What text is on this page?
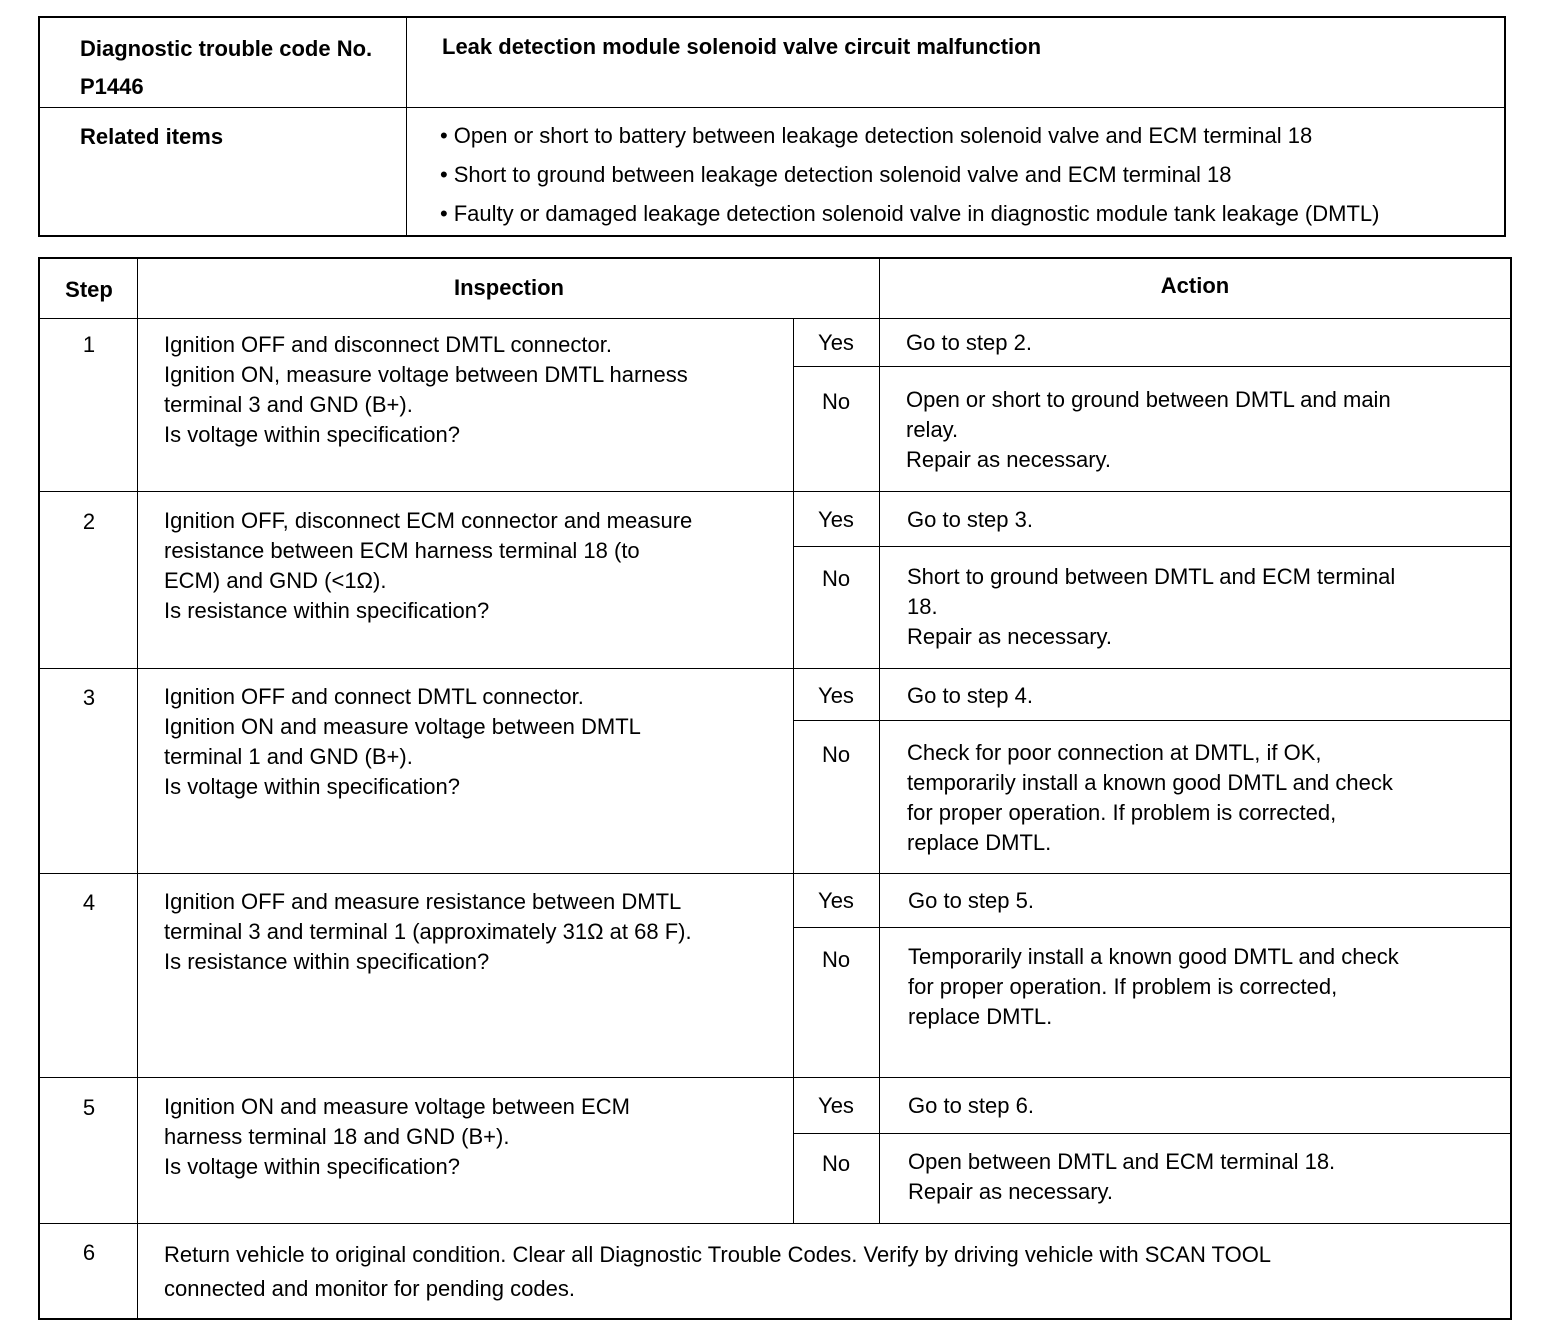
Diagnostic trouble code No. P1446
Leak detection module solenoid valve circuit malfunction
Related items
•	Open or short to battery between leakage detection solenoid valve and ECM terminal 18
• Short to ground between leakage detection solenoid valve and ECM terminal 18
• Faulty or damaged leakage detection solenoid valve in diagnostic module tank leakage (DMTL)
Step	Inspection	Action
1	Ignition OFF and disconnect DMTL connector.
Ignition ON, measure voltage between DMTL harness
terminal 3 and GND (B+).
Is voltage within specification?
Yes	Go to step 2.
No	Open or short to ground between DMTL and main
relay.
Repair as necessary.
2	Ignition OFF, disconnect ECM connector and measure
resistance between ECM harness terminal 18 (to
ECM) and GND (<1Ω).
Is resistance within specification?
Yes	Go to step 3.
No	Short to ground between DMTL and ECM terminal
18.
Repair as necessary.
3	Ignition OFF and connect DMTL connector.
Ignition ON and measure voltage between DMTL
terminal 1 and GND (B+).
Is voltage within specification?
Yes	Go to step 4.
No	Check for poor connection at DMTL, if OK,
temporarily install a known good DMTL and check
for proper operation. If problem is corrected,
replace DMTL.
4	Ignition OFF and measure resistance between DMTL
terminal 3 and terminal 1 (approximately 31Ω at 68 F).
Is resistance within specification?
Yes	Go to step 5.
No	Temporarily install a known good DMTL and check
for proper operation. If problem is corrected,
replace DMTL.
5	Ignition ON and measure voltage between ECM
harness terminal 18 and GND (B+).
Is voltage within specification?
Yes	Go to step 6.
No	Open between DMTL and ECM terminal 18.
Repair as necessary.
6	Return vehicle to original condition. Clear all Diagnostic Trouble Codes. Verify by driving vehicle with SCAN TOOL
connected and monitor for pending codes.
